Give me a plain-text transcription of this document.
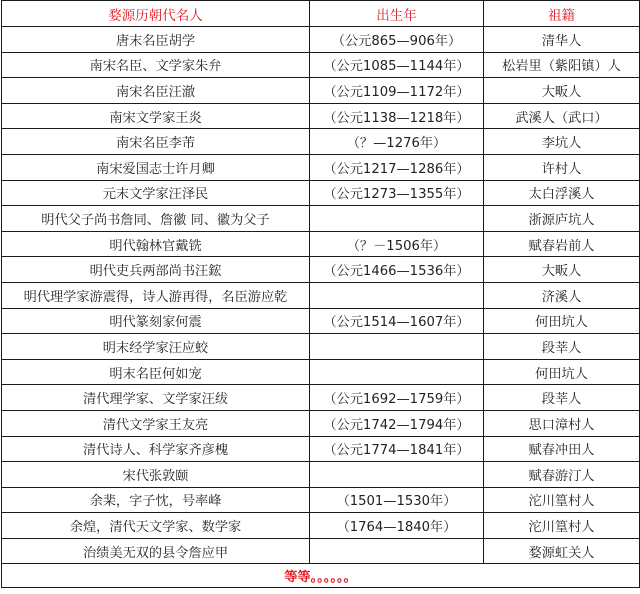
婺源历朝代名人	出生年	祖籍
唐末名臣胡学	（公元865—906年）	清华人
南宋名臣、文学家朱弁	（公元1085—1144年）	松岩里（紫阳镇）人
南宋名臣汪澈	（公元1109—1172年）	大畈人
南宋文学家王炎	（公元1138—1218年）	武溪人（武口）
南宋名臣李芾	（？—1276年）	李坑人
南宋爱国志士许月卿	（公元1217—1286年）	许村人
元末文学家汪泽民	（公元1273—1355年）	太白浮溪人
明代父子尚书詹同、詹徽 同、徽为父子		浙源庐坑人
明代翰林官戴铣	（？－1506年）	赋春岩前人
明代吏兵两部尚书汪鋐	（公元1466—1536年）	大畈人
明代理学家游震得，诗人游再得，名臣游应乾		济溪人
明代篆刻家何震	（公元1514—1607年）	何田坑人
明末经学家汪应蛟		段莘人
明末名臣何如宠		何田坑人
清代理学家、文学家汪绂	（公元1692—1759年）	段莘人
清代文学家王友亮	（公元1742—1794年）	思口漳村人
清代诗人、科学家齐彦槐	（公元1774—1841年）	赋春冲田人
宋代张敦颐		赋春游汀人
余棐，字子忱，号率峰	（1501—1530年）	沱川篁村人
余煌，清代天文学家、数学家	（1764—1840年）	沱川篁村人
治绩美无双的县令詹应甲		婺源虹关人
等等。。。。。。		
